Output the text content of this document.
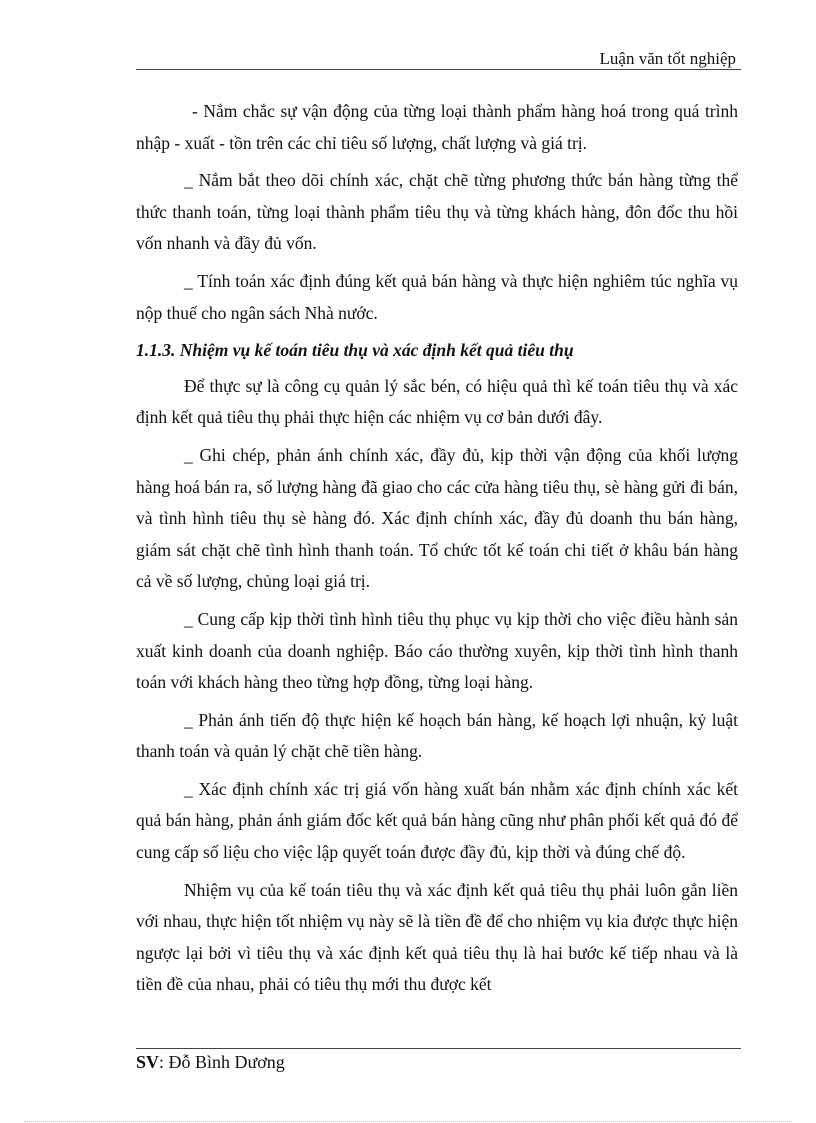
Luận văn tốt nghiệp

- Nắm chắc sự vận động của từng loại thành phẩm hàng hoá trong quá trình nhập - xuất - tồn trên các chỉ tiêu số lượng, chất lượng và giá trị.

_ Nắm bắt theo dõi chính xác, chặt chẽ từng phương thức bán hàng từng thể thức thanh toán, từng loại thành phẩm tiêu thụ và từng khách hàng, đôn đốc thu hồi vốn nhanh và đầy đủ vốn.

_ Tính toán xác định đúng kết quả bán hàng và thực hiện nghiêm túc nghĩa vụ nộp thuế cho ngân sách Nhà nước.

1.1.3. Nhiệm vụ kế toán tiêu thụ và xác định kết quả tiêu thụ

Để thực sự là công cụ quản lý sắc bén, có hiệu quả thì kế toán tiêu thụ và xác định kết quả tiêu thụ phải thực hiện các nhiệm vụ cơ bản dưới đây.

_ Ghi chép, phản ánh chính xác, đầy đủ, kịp thời vận động của khối lượng hàng hoá bán ra, số lượng hàng đã giao cho các cửa hàng tiêu thụ, sè hàng gửi đi bán, và tình hình tiêu thụ sè hàng đó. Xác định chính xác, đầy đủ doanh thu bán hàng, giám sát chặt chẽ tình hình thanh toán. Tổ chức tốt kế toán chi tiết ở khâu bán hàng cả về số lượng, chủng loại giá trị.

_ Cung cấp kịp thời tình hình tiêu thụ phục vụ kịp thời cho việc điều hành sản xuất kinh doanh của doanh nghiệp. Báo cáo thường xuyên, kịp thời tình hình thanh toán với khách hàng theo từng hợp đồng, từng loại hàng.

_ Phản ánh tiến độ thực hiện kế hoạch bán hàng, kế hoạch lợi nhuận, kỷ luật thanh toán và quản lý chặt chẽ tiền hàng.

_ Xác định chính xác trị giá vốn hàng xuất bán nhằm xác định chính xác kết quả bán hàng, phản ánh giám đốc kết quả bán hàng cũng như phân phối kết quả đó để cung cấp số liệu cho việc lập quyết toán được đầy đủ, kịp thời và đúng chế độ.

Nhiệm vụ của kế toán tiêu thụ và xác định kết quả tiêu thụ phải luôn gắn liền với nhau, thực hiện tốt nhiệm vụ này sẽ là tiền đề để cho nhiệm vụ kia được thực hiện ngược lại bởi vì tiêu thụ và xác định kết quả tiêu thụ là hai bước kế tiếp nhau và là tiền đề của nhau, phải có tiêu thụ mới thu được kết

SV: Đỗ Bình Dương
